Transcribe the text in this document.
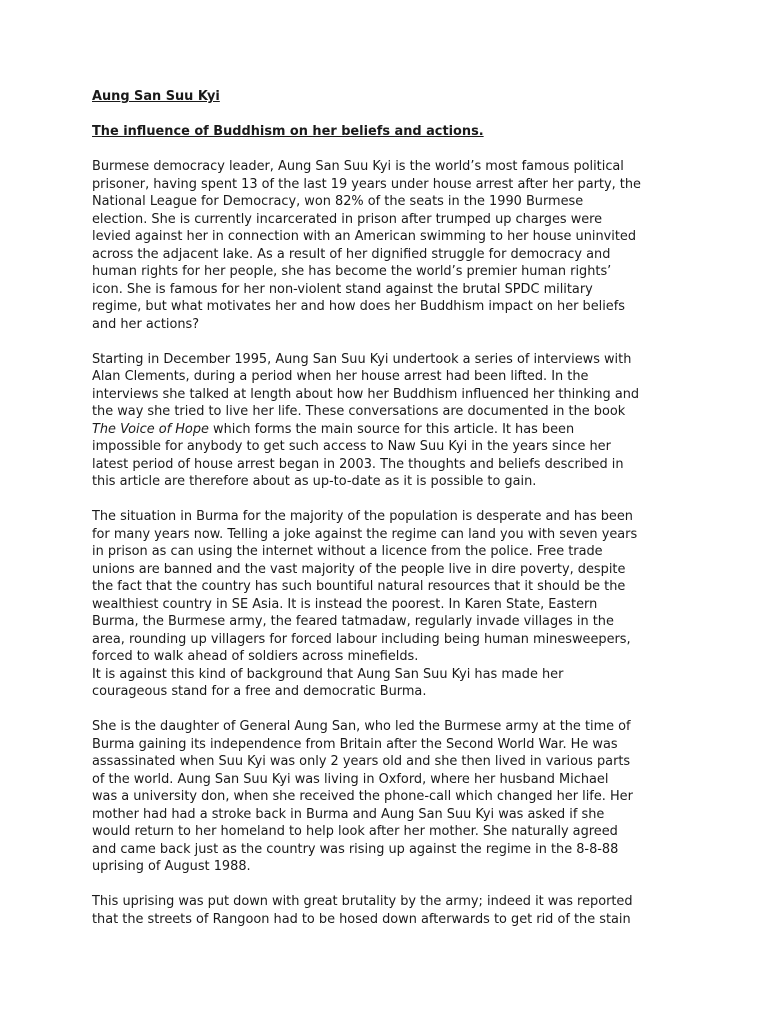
Aung San Suu Kyi
The influence of Buddhism on her beliefs and actions.
Burmese democracy leader, Aung San Suu Kyi is the world’s most famous political
prisoner, having spent 13 of the last 19 years under house arrest after her party, the
National League for Democracy, won 82% of the seats in the 1990 Burmese
election. She is currently incarcerated in prison after trumped up charges were
levied against her in connection with an American swimming to her house uninvited
across the adjacent lake. As a result of her dignified struggle for democracy and
human rights for her people, she has become the world’s premier human rights’
icon. She is famous for her non-violent stand against the brutal SPDC military
regime, but what motivates her and how does her Buddhism impact on her beliefs
and her actions?
Starting in December 1995, Aung San Suu Kyi undertook a series of interviews with
Alan Clements, during a period when her house arrest had been lifted. In the
interviews she talked at length about how her Buddhism influenced her thinking and
the way she tried to live her life. These conversations are documented in the book
The Voice of Hope which forms the main source for this article. It has been
impossible for anybody to get such access to Naw Suu Kyi in the years since her
latest period of house arrest began in 2003. The thoughts and beliefs described in
this article are therefore about as up-to-date as it is possible to gain.
The situation in Burma for the majority of the population is desperate and has been
for many years now. Telling a joke against the regime can land you with seven years
in prison as can using the internet without a licence from the police. Free trade
unions are banned and the vast majority of the people live in dire poverty, despite
the fact that the country has such bountiful natural resources that it should be the
wealthiest country in SE Asia. It is instead the poorest. In Karen State, Eastern
Burma, the Burmese army, the feared tatmadaw, regularly invade villages in the
area, rounding up villagers for forced labour including being human minesweepers,
forced to walk ahead of soldiers across minefields.
It is against this kind of background that Aung San Suu Kyi has made her
courageous stand for a free and democratic Burma.
She is the daughter of General Aung San, who led the Burmese army at the time of
Burma gaining its independence from Britain after the Second World War. He was
assassinated when Suu Kyi was only 2 years old and she then lived in various parts
of the world. Aung San Suu Kyi was living in Oxford, where her husband Michael
was a university don, when she received the phone-call which changed her life. Her
mother had had a stroke back in Burma and Aung San Suu Kyi was asked if she
would return to her homeland to help look after her mother. She naturally agreed
and came back just as the country was rising up against the regime in the 8-8-88
uprising of August 1988.
This uprising was put down with great brutality by the army; indeed it was reported
that the streets of Rangoon had to be hosed down afterwards to get rid of the stain
